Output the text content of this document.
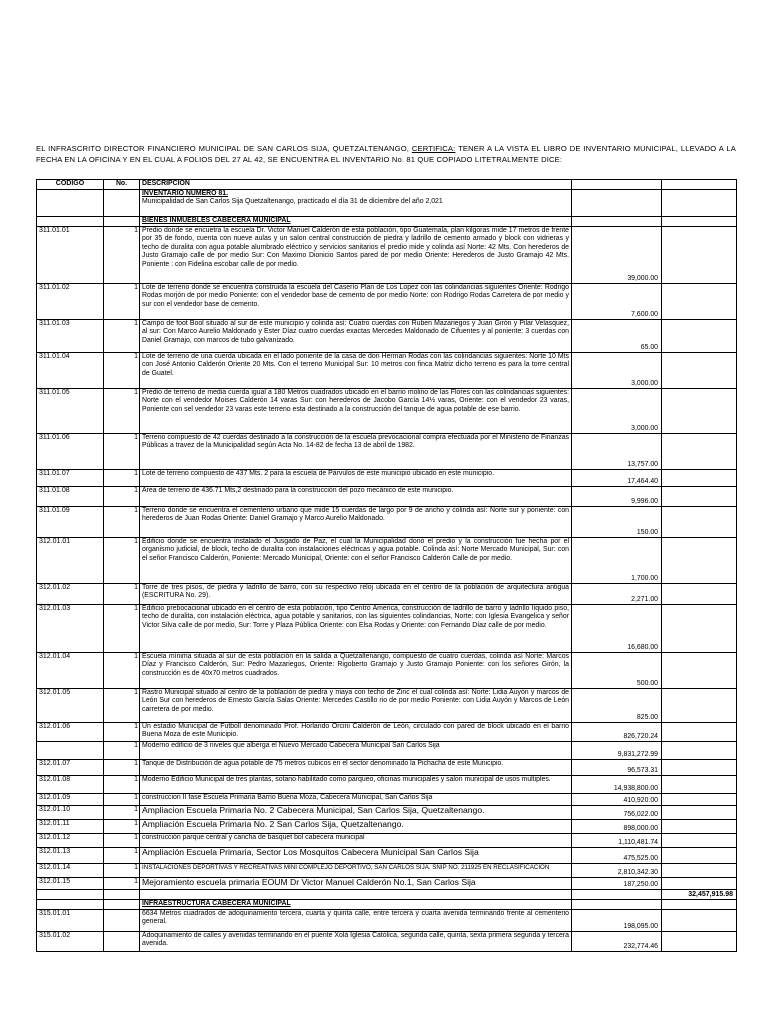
EL INFRASCRITO DIRECTOR FINANCIERO MUNICIPAL DE SAN CARLOS SIJA, QUETZALTENANGO, CERTIFICA: TENER A LA VISTA EL LIBRO DE INVENTARIO MUNICIPAL, LLEVADO A LA FECHA EN LA OFICINA Y EN EL CUAL A FOLIOS DEL 27 AL 42, SE ENCUENTRA EL INVENTARIO No. 81 QUE COPIADO LITETRALMENTE DICE:
CODIGO	No.	DESCRIPCION		

		INVENTARIO NUMERO 81.
Municipalidad de San Carlos Sija Quetzaltenango, practicado el día 31 de diciembre del año 2,021		

		BIENES INMUEBLES CABECERA MUNICIPAL		
311.01.01	1	Predio donde se encuetra la escuela Dr. Victor Manuel Calderón de esta población, tipo Guatemala, plan kilgoras mide 17 metros de frente por 35 de fondo, cuenta con nueve aulas y un salon central construcción de piedra y ladrillo de cemento armado y block con vidrieras y techo de duralita con agua potable alumbrado eléctrico y servicios sanitarios el predio mide y colinda así Norte: 42 Mts. Con herederos de Justo Gramajo calle de por medio Sur: Con Maximo Dionicio Santos pared de por medio Oriente: Herederos de Justo Gramajo 42 Mts. Poniente : con Fidelina escobar calle de por medio.	39,000.00	
311.01.02	1	Lote de terreno donde se encuentra construida la escuela del Caserío Plan de Los Lopez con las colindancias siguientes Oriente: Rodrigo Rodas morjón de por medio Poniente: con el vendedor base de cemento de por medio Norte: con Rodrigo Rodas Carretera de por medio y sur con el vendedor base de cemento.	7,600.00	
311.01.03	1	Campo de foot Bool situado al sur de este municipio y colinda así: Cuatro cuerdas con Ruben Mazariegos y Juan Girón y Pilar Velasquez, al sur: Con Marco Aurelio Maldonado y Ester Díaz cuatro cuerdas exactas Mercedes Maldonado de Cifuentes y al poniente: 3 cuerdas con Daniel Gramajo, con marcos de tubo galvanizado.	65.00	
311.01.04	1	Lote de terreno de una cuerda ubicada en el lado poniente de la casa de don Herman Rodas con las colindancias siguientes: Norte 10 Mts con José Antonio Calderón Oriente 20 Mts. Con el terreno Municipal Sur: 10 metros con finca Matriz dicho terreno es para la torre central de Guatel.	3,000.00	
311.01.05	1	Predio de terreno de media cuerda igual a 180 Metros cuadrados ubicado en el barrio molino de las Flores con las colindancias siguientes: Norte con el vendedor Moises Calderón 14 varas Sur: con herederos de Jacobo García 14½ varas, Oriente: con el vendedor 23 varas, Poniente con sel vendedor 23 varas este terreno esta destinado a la construcción del tanque de agua potable de ese barrio.	3,000.00	
311.01.06	1	Terreno compuesto de 42 cuerdas destinado a la construcción de la escuela prevocacional compra efectuada por el Ministerio de Finanzas Públicas a travez de la Municipalidad según Acta No. 14-82 de fecha 13 de abril de 1982.	13,757.00	
311.01.07	1	Lote de terreno compuesto de 437 Mts. 2 para la escuela de Párvulos de este municipio ubicado en este municipio.	17,464.40	
311.01.08	1	Area de terreno de 436.71 Mts,2 destinado para la construcción del pozo mecánico de este municipio.	9,996.00	
311.01.09	1	Terreno donde se encuentra el cementerio urbano que mide 15 cuerdas de largo por 9 de ancho y colinda así: Norte sur y poniente: con herederos de Juan Rodas Oriente: Daniel Gramajo y Marco Aurelio Maldonado.	150.00	
312.01.01	1	Edificio donde se encuentra instalado el Jusgado de Paz, el cual la Municipalidad donó el predio y la construcción fue hecha por el organismo judicial, de block, techo de duralita con instalaciones eléctricas y agua potable. Colinda así: Norte Mercado Municipal, Sur: con el señor Francisco Calderón, Poniente: Mercado Municipal, Oriente: con el señor Francisco Calderón Calle de por medio.	1,700.00	
312.01.02	1	Torre de tres pisos, de piedra y ladrillo de barro, con su respectivo reloj ubicada en el centro de la población de arquitectura antigua (ESCRITURA No. 29).	2,271.00	
312.01.03	1	Edificio prebocacional ubicado en el centro de esta población, tipo Centro America, construcción de ladrillo de barro y ladrillo líquido piso, techo de duralita, con instalación eléctrica, agua potable y sanitarios, con las siguientes colindancias, Norte: con Iglesia Evangelica y señor Victor Silva calle de por medio, Sur: Torre y Plaza Pública Oriente: con Elsa Rodas y Oriente: con Fernando Díaz calle de por medio.	16,680.00	
312.01.04	1	Escuela mínima situada al sur de esta población en la salida a Quetzaltenango, compuesto de cuatro cuerdas, colinda así Norte: Marcos Díaz y Francisco Calderón, Sur: Pedro Mazariegos, Oriente: Rigoberto Gramajo y Justo Gramajo Poniente: con los señores Girón, la construcción es de 40x70 metros cuadrados.	500.00	
312.01.05	1	Rastro Municipal situado al centro de la población de piedra y maya con techo de Zinc el cual colinda así: Norte: Lidia Auyón y marcos de León Sur con herederos de Ernesto García Salas Oriente: Mercedes Castillo rio de por medio Poniente: con Lidia Auyón y Marcos de León carretera de por medio.	825.00	
312.01.06	1	Un estadio Municipal de Futboll denominado Prof. Horlando Orcini Calderón de León, circulado con pared de block ubicado en el barrio Buena Moza de este Municipio.	826,720.24	
	1	Moderno edificio de 3 niveles que alberga el Nuevo Mercado Cabecera Municipal San Carlos Sija	9,831,272.99	
312.01.07	1	Tanque de Distribución de agua potable de 75 metros cubicos en el sector denominado la Pichacha de este Municipio.	96,573.31	
312.01.08	1	Moderno Edificio Municipal de tres plantas, sotano habilitado como parqueo, oficinas municipales y salon municipal de usos multiples.	14,938,800.00	
312.01.09	1	construccion II fase Escuela Primaria Barrio Buena Moza, Cabecera Municipal, San Carlos Sija	410,920.00	
312.01.10	1	Ampliacion Escuela Primaria No. 2 Cabecera Municipal, San Carlos Sija, Quetzaltenango.	756,022.00	
312.01.11	1	Ampliación Escuela Primaria No. 2 San Carlos Sija, Quetzaltenango.	898,000.00	
312.01.12	1	construcción parque central y cancha de basquet bol cabecera municipal	1,110,481.74	
312.01.13	1	Ampliación Escuela Primaria, Sector Los Mosquitos Cabecera Municipal San Carlos Sija	475,525.00	
312.01.14	1	INSTALACIONES DEPORTIVAS Y RECREATIVAS MINI COMPLEJO DEPORTIVO, SAN CARLOS SIJA. SNIP NO. 211925 EN RECLASIFICACION	2,810,342.30	
312.01.15	1	Mejoramiento escuela primaria EOUM Dr Victor Manuel Calderón No.1, San Carlos Sija	187,250.00	
				32,457,915.98
		INFRAESTRUCTURA CABECERA MUNICIPAL		
315.01.01		6634 Metros cuadrados de adoquinamiento tercera, cuarta y quinta calle, entre tercera y cuarta avenida terminando frente al cementerio general.	198,095.00	
315.01.02		Adoquinamiento de calles y avenidas terminando en el puente Xolá Iglesia Católica, segunda calle, quinta, sexta primera segunda y tercera avenida.	232,774.46	
